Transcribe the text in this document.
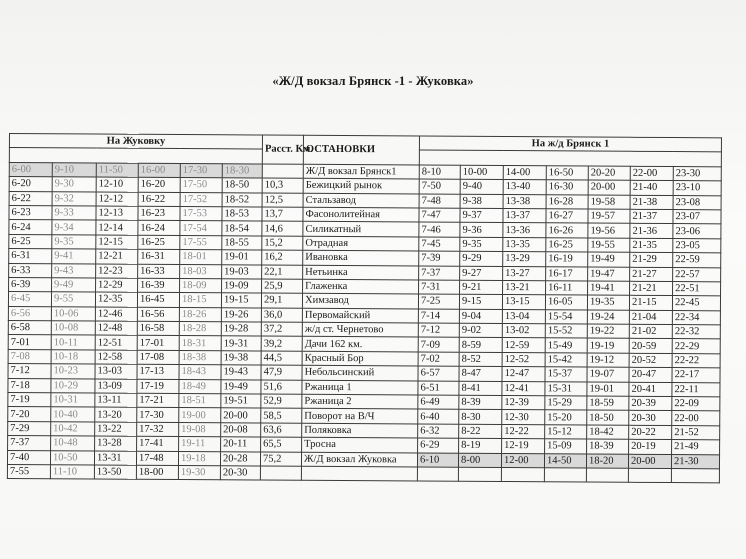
«Ж/Д вокзал Брянск -1 - Жуковка»
На Жуковку						Расст. Км.	ОСТАНОВКИ	На ж/д Брянск 1						

6-00	9-10	11-50	16-00	17-30	18-30		Ж/Д вокзал Брянск1	8-10	10-00	14-00	16-50	20-20	22-00	23-30
6-20	9-30	12-10	16-20	17-50	18-50	10,3	Бежицкий рынок	7-50	9-40	13-40	16-30	20-00	21-40	23-10
6-22	9-32	12-12	16-22	17-52	18-52	12,5	Стальзавод	7-48	9-38	13-38	16-28	19-58	21-38	23-08
6-23	9-33	12-13	16-23	17-53	18-53	13,7	Фасонолитейная	7-47	9-37	13-37	16-27	19-57	21-37	23-07
6-24	9-34	12-14	16-24	17-54	18-54	14,6	Силикатный	7-46	9-36	13-36	16-26	19-56	21-36	23-06
6-25	9-35	12-15	16-25	17-55	18-55	15,2	Отрадная	7-45	9-35	13-35	16-25	19-55	21-35	23-05
6-31	9-41	12-21	16-31	18-01	19-01	16,2	Ивановка	7-39	9-29	13-29	16-19	19-49	21-29	22-59
6-33	9-43	12-23	16-33	18-03	19-03	22,1	Нетьинка	7-37	9-27	13-27	16-17	19-47	21-27	22-57
6-39	9-49	12-29	16-39	18-09	19-09	25,9	Глаженка	7-31	9-21	13-21	16-11	19-41	21-21	22-51
6-45	9-55	12-35	16-45	18-15	19-15	29,1	Химзавод	7-25	9-15	13-15	16-05	19-35	21-15	22-45
6-56	10-06	12-46	16-56	18-26	19-26	36,0	Первомайский	7-14	9-04	13-04	15-54	19-24	21-04	22-34
6-58	10-08	12-48	16-58	18-28	19-28	37,2	ж/д ст. Чернетово	7-12	9-02	13-02	15-52	19-22	21-02	22-32
7-01	10-11	12-51	17-01	18-31	19-31	39,2	Дачи 162 км.	7-09	8-59	12-59	15-49	19-19	20-59	22-29
7-08	10-18	12-58	17-08	18-38	19-38	44,5	Красный Бор	7-02	8-52	12-52	15-42	19-12	20-52	22-22
7-12	10-23	13-03	17-13	18-43	19-43	47,9	Небольсинский	6-57	8-47	12-47	15-37	19-07	20-47	22-17
7-18	10-29	13-09	17-19	18-49	19-49	51,6	Ржаница 1	6-51	8-41	12-41	15-31	19-01	20-41	22-11
7-19	10-31	13-11	17-21	18-51	19-51	52,9	Ржаница 2	6-49	8-39	12-39	15-29	18-59	20-39	22-09
7-20	10-40	13-20	17-30	19-00	20-00	58,5	Поворот на В/Ч	6-40	8-30	12-30	15-20	18-50	20-30	22-00
7-29	10-42	13-22	17-32	19-08	20-08	63,6	Поляковка	6-32	8-22	12-22	15-12	18-42	20-22	21-52
7-37	10-48	13-28	17-41	19-11	20-11	65,5	Тросна	6-29	8-19	12-19	15-09	18-39	20-19	21-49
7-40	10-50	13-31	17-48	19-18	20-28	75,2	Ж/Д вокзал Жуковка	6-10	8-00	12-00	14-50	18-20	20-00	21-30
7-55	11-10	13-50	18-00	19-30	20-30									
